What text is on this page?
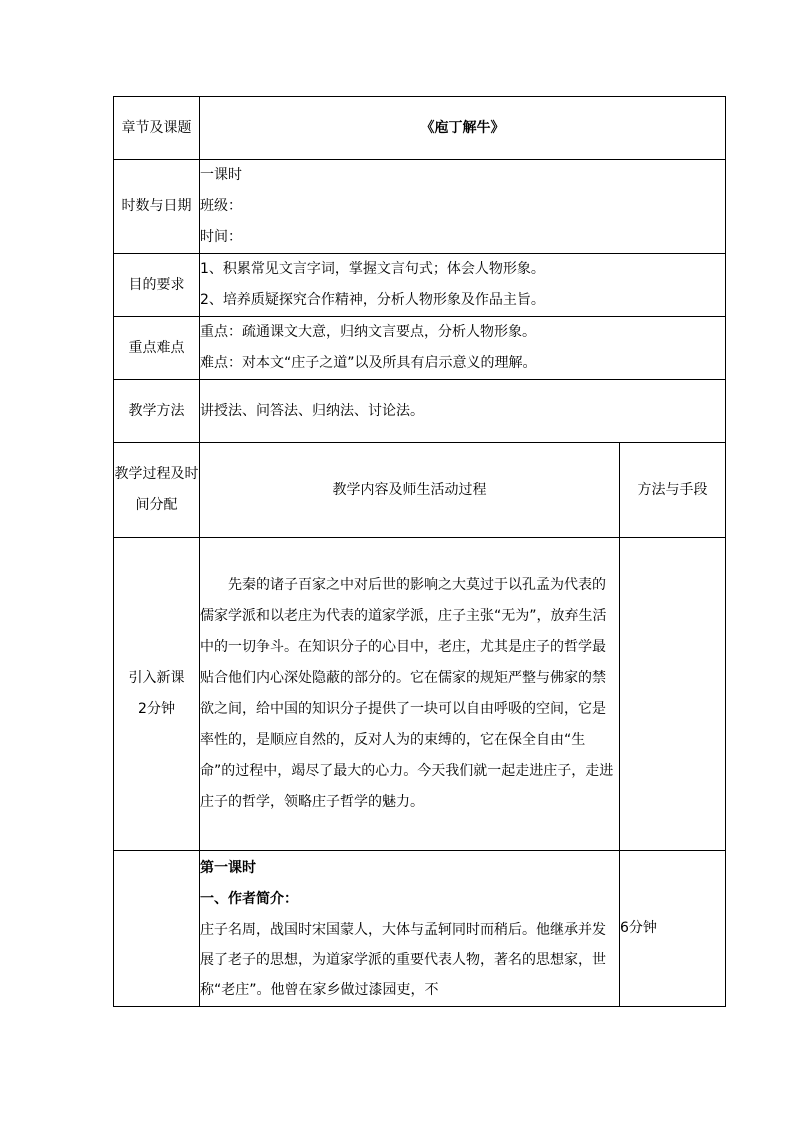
章节及课题	《庖丁解牛》	
时数与日期	一课时
班级：
时间：	

目的要求	1、积累常见文言字词，掌握文言句式；体会人物形象。
2、培养质疑探究合作精神，分析人物形象及作品主旨。	

重点难点	重点：疏通课文大意，归纳文言要点，分析人物形象。
难点：对本文“庄子之道”以及所具有启示意义的理解。	

教学方法	讲授法、问答法、归纳法、讨论法。	
教学过程及时间分配	教学内容及师生活动过程	方法与手段

引入新课
2分钟	先秦的诸子百家之中对后世的影响之大莫过于以孔孟为代表的儒家学派和以老庄为代表的道家学派，庄子主张“无为”，放弃生活中的一切争斗。在知识分子的心目中，老庄，尤其是庄子的哲学最贴合他们内心深处隐蔽的部分的。它在儒家的规矩严整与佛家的禁欲之间，给中国的知识分子提供了一块可以自由呼吸的空间，它是率性的，是顺应自然的，反对人为的束缚的，它在保全自由“生命”的过程中，竭尽了最大的心力。今天我们就一起走进庄子，走进庄子的哲学，领略庄子哲学的魅力。	

	第一课时
一、作者简介：
庄子名周，战国时宋国蒙人，大体与孟轲同时而稍后。他继承并发展了老子的思想，为道家学派的重要代表人物，著名的思想家，世称“老庄”。他曾在家乡做过漆园吏，不	6分钟
